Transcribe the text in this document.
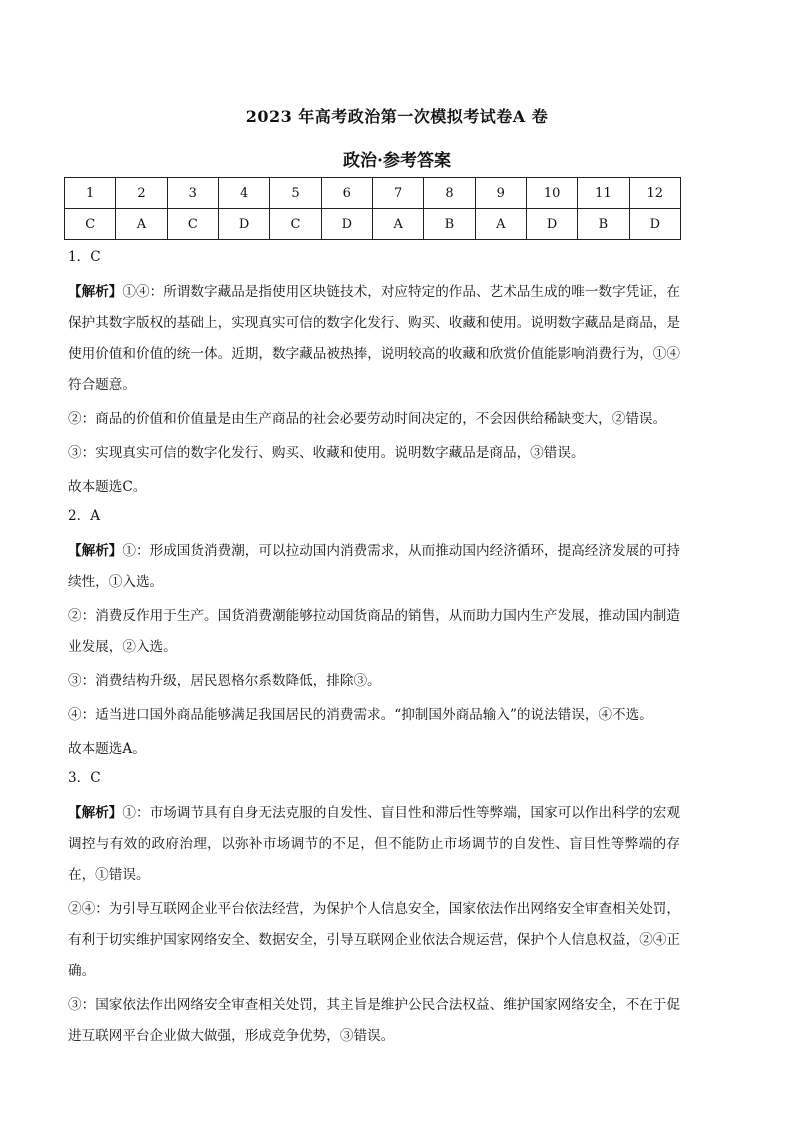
2023 年高考政治第一次模拟考试卷A 卷
政治·参考答案
1	2	3	4	5	6	7	8	9	10	11	12
C	A	C	D	C	D	A	B	A	D	B	D
1．C

【解析】①④：所谓数字藏品是指使用区块链技术，对应特定的作品、艺术品生成的唯一数字凭证，在保护其数字版权的基础上，实现真实可信的数字化发行、购买、收藏和使用。说明数字藏品是商品，是使用价值和价值的统一体。近期，数字藏品被热捧，说明较高的收藏和欣赏价值能影响消费行为，①④符合题意。

②：商品的价值和价值量是由生产商品的社会必要劳动时间决定的，不会因供给稀缺变大，②错误。

③：实现真实可信的数字化发行、购买、收藏和使用。说明数字藏品是商品，③错误。

故本题选C。

2．A

【解析】①：形成国货消费潮，可以拉动国内消费需求，从而推动国内经济循环，提高经济发展的可持续性，①入选。

②：消费反作用于生产。国货消费潮能够拉动国货商品的销售，从而助力国内生产发展，推动国内制造业发展，②入选。

③：消费结构升级，居民恩格尔系数降低，排除③。

④：适当进口国外商品能够满足我国居民的消费需求。“抑制国外商品输入”的说法错误，④不选。

故本题选A。

3．C

【解析】①：市场调节具有自身无法克服的自发性、盲目性和滞后性等弊端，国家可以作出科学的宏观调控与有效的政府治理，以弥补市场调节的不足，但不能防止市场调节的自发性、盲目性等弊端的存在，①错误。

②④：为引导互联网企业平台依法经营，为保护个人信息安全，国家依法作出网络安全审查相关处罚，有利于切实维护国家网络安全、数据安全，引导互联网企业依法合规运营，保护个人信息权益，②④正确。

③：国家依法作出网络安全审查相关处罚，其主旨是维护公民合法权益、维护国家网络安全，不在于促进互联网平台企业做大做强，形成竞争优势，③错误。
